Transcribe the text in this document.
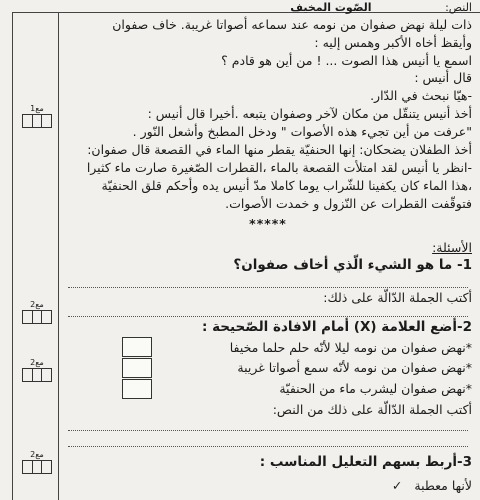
مع1
مع2
مع2
مع2
النص: الصّوت المخيف
ذات ليلة نهض صفوان من نومه عند سماعه أصواتا غريبة. خاف صفوان
وأيقظ أخاه الأكبر وهمس إليه :
اسمع يا أنيس هذا الصوت ... ! من أين هو قادم ؟
قال أنيس :
-هيّا نبحث في الدّار.
أخذ أنيس يتنقّل من مكان لآخر وصفوان يتبعه .أخيرا قال أنيس :
"عرفت من أين تجيء هذه الأصوات " ودخل المطبخ وأشعل النّور .
أخذ الطفلان يضحكان: إنها الحنفيّة يقطر منها الماء في القصعة قال صفوان:
-انظر يا أنيس لقد امتلأت القصعة بالماء ،القطرات الصّغيرة صارت ماء كثيرا
،هذا الماء كان يكفينا للشّراب يوما كاملا مدّ أنيس يده وأحكم قلق الحنفيّة
فتوقّفت القطرات عن النّزول و خمدت الأصوات.
*****
الأسئلة:
1- ما هو الشيء الّذي أخاف صفوان؟
أكتب الجملة الدّالّة على ذلك:
2-أضع العلامة (X) أمام الافادة الصّحيحة :
*نهض صفوان من نومه ليلا لأنّه حلم حلما مخيفا
*نهض صفوان من نومه لأنّه سمع أصواتا غريبة
*نهض صفوان ليشرب ماء من الحنفيّة
أكتب الجملة الدّالّة على ذلك من النص:
3-أربط بسهم التعليل المناسب :
لأنها معطبة ✓
